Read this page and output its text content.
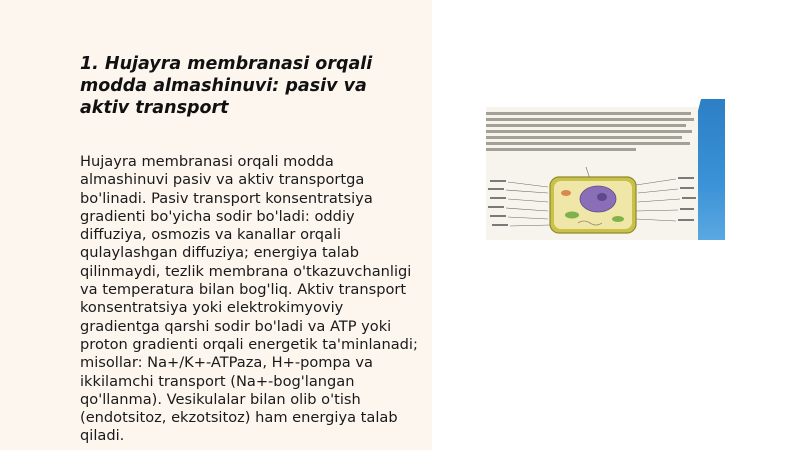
1. Hujayra membranasi orqali modda almashinuvi: pasiv va aktiv transport

Hujayra membranasi orqali modda almashinuvi pasiv va aktiv transportga bo'linadi. Pasiv transport konsentratsiya gradienti bo'yicha sodir bo'ladi: oddiy diffuziya, osmozis va kanallar orqali qulaylashgan diffuziya; energiya talab qilinmaydi, tezlik membrana o'tkazuvchanligi va temperatura bilan bog'liq. Aktiv transport konsentratsiya yoki elektrokimyoviy gradientga qarshi sodir bo'ladi va ATP yoki proton gradienti orqali energetik ta'minlanadi; misollar: Na+/K+-ATPaza, H+-pompa va ikkilamchi transport (Na+-bog'langan qo'llanma). Vesikulalar bilan olib o'tish (endotsitoz, ekzotsitoz) ham energiya talab qiladi.
